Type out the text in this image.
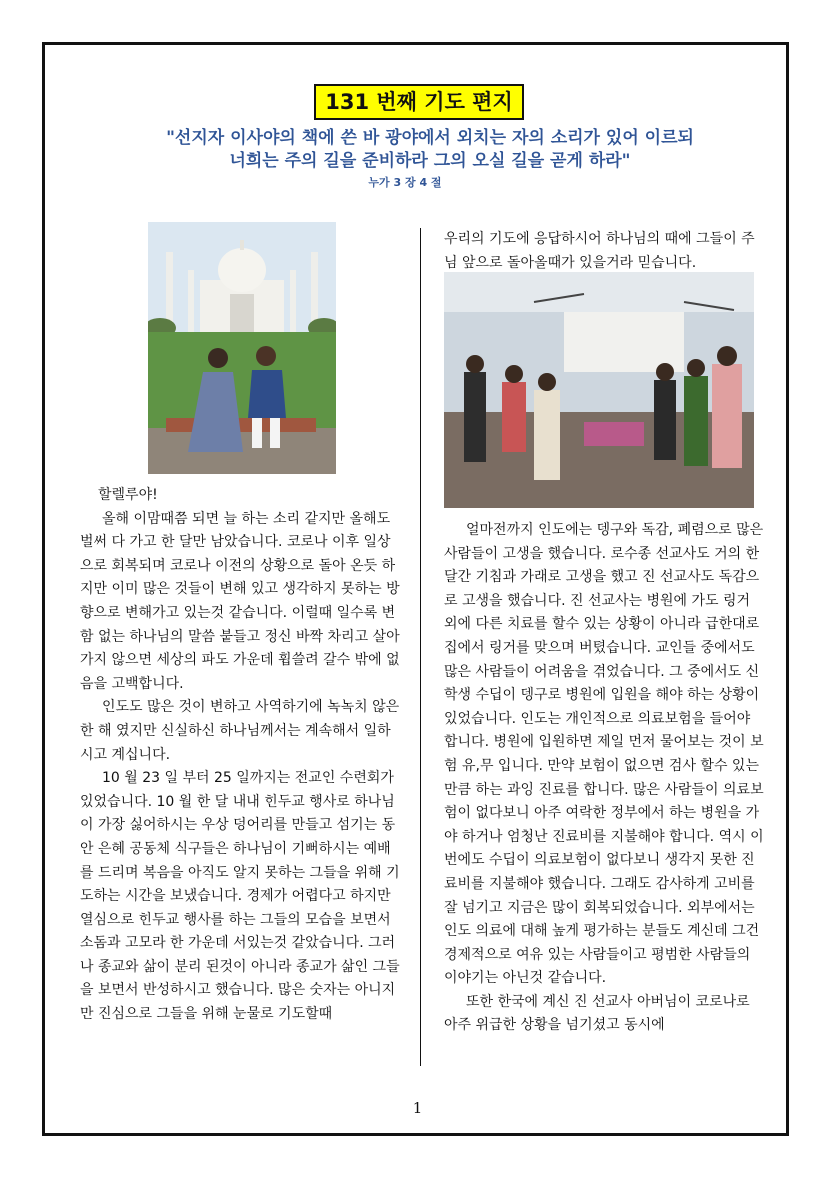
131 번째 기도 편지
"선지자 이사야의 책에 쓴 바 광야에서 외치는 자의 소리가 있어 이르되
너희는 주의 길을 준비하라 그의 오실 길을 곧게 하라"
누가 3 장 4 절

할렐루야!

올해 이맘때쯤 되면 늘 하는 소리 같지만 올해도 벌써 다 가고 한 달만 남았습니다. 코로나 이후 일상으로 회복되며 코로나 이전의 상황으로 돌아 온듯 하지만 이미 많은 것들이 변해 있고 생각하지 못하는 방향으로 변해가고 있는것 같습니다. 이럴때 일수록 변함 없는 하나님의 말씀 붙들고 정신 바짝 차리고 살아가지 않으면 세상의 파도 가운데 휩쓸려 갈수 밖에 없음을 고백합니다.

인도도 많은 것이 변하고 사역하기에 녹녹치 않은 한 해 였지만 신실하신 하나님께서는 계속해서 일하시고 계십니다.

10 월 23 일 부터 25 일까지는 전교인 수련회가 있었습니다. 10 월 한 달 내내 힌두교 행사로 하나님이 가장 싫어하시는 우상 덩어리를 만들고 섬기는 동안 은혜 공동체 식구들은 하나님이 기뻐하시는 예배를 드리며 복음을 아직도 알지 못하는 그들을 위해 기도하는 시간을 보냈습니다. 경제가 어렵다고 하지만 열심으로 힌두교 행사를 하는 그들의 모습을 보면서 소돔과 고모라 한 가운데 서있는것 같았습니다. 그러나 종교와 삶이 분리 된것이 아니라 종교가 삶인 그들을 보면서 반성하시고 했습니다. 많은 숫자는 아니지만 진심으로 그들을 위해 눈물로 기도할때

우리의 기도에 응답하시어 하나님의 때에 그들이 주님 앞으로 돌아올때가 있을거라 믿습니다.

얼마전까지 인도에는 뎅구와 독감, 폐렴으로 많은 사람들이 고생을 했습니다. 로수종 선교사도 거의 한달간 기침과 가래로 고생을 했고 진 선교사도 독감으로 고생을 했습니다. 진 선교사는 병원에 가도 링거 외에 다른 치료를 할수 있는 상황이 아니라 급한대로 집에서 링거를 맞으며 버텼습니다. 교인들 중에서도 많은 사람들이 어려움을 겪었습니다. 그 중에서도 신학생 수딥이 뎅구로 병원에 입원을 해야 하는 상황이 있었습니다. 인도는 개인적으로 의료보험을 들어야 합니다. 병원에 입원하면 제일 먼저 물어보는 것이 보험 유,무 입니다. 만약 보험이 없으면 검사 할수 있는 만큼 하는 과잉 진료를 합니다. 많은 사람들이 의료보험이 없다보니 아주 여락한 정부에서 하는 병원을 가야 하거나 엄청난 진료비를 지불해야 합니다. 역시 이번에도 수딥이 의료보험이 없다보니 생각지 못한 진료비를 지불해야 했습니다. 그래도 감사하게 고비를 잘 넘기고 지금은 많이 회복되었습니다. 외부에서는 인도 의료에 대해 높게 평가하는 분들도 계신데 그건 경제적으로 여유 있는 사람들이고 평범한 사람들의 이야기는 아닌것 같습니다.

또한 한국에 계신 진 선교사 아버님이 코로나로 아주 위급한 상황을 넘기셨고 동시에

1
